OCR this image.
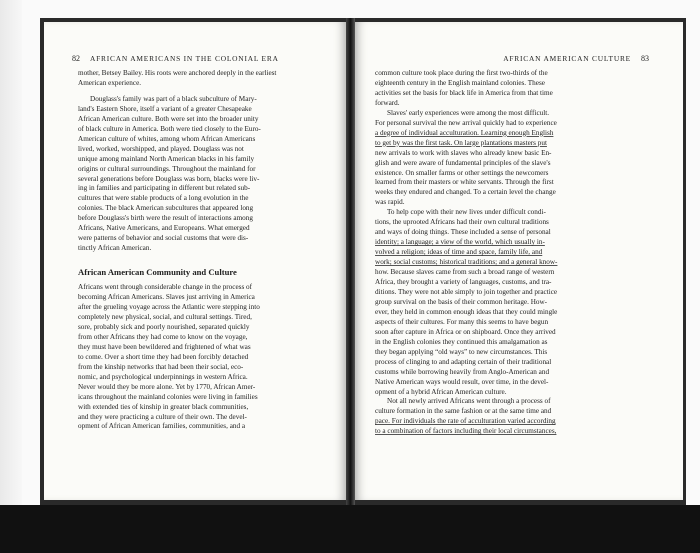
82 AFRICAN AMERICANS IN THE COLONIAL ERA
mother, Betsey Bailey. His roots were anchored deeply in the earliest
American experience.
Douglass's family was part of a black subculture of Mary-
land's Eastern Shore, itself a variant of a greater Chesapeake
African American culture. Both were set into the broader unity
of black culture in America. Both were tied closely to the Euro-
American culture of whites, among whom African Americans
lived, worked, worshipped, and played. Douglass was not
unique among mainland North American blacks in his family
origins or cultural surroundings. Throughout the mainland for
several generations before Douglass was born, blacks were liv-
ing in families and participating in different but related sub-
cultures that were stable products of a long evolution in the
colonies. The black American subcultures that appeared long
before Douglass's birth were the result of interactions among
Africans, Native Americans, and Europeans. What emerged
were patterns of behavior and social customs that were dis-
tinctly African American.
African American Community and Culture
Africans went through considerable change in the process of
becoming African Americans. Slaves just arriving in America
after the grueling voyage across the Atlantic were stepping into
completely new physical, social, and cultural settings. Tired,
sore, probably sick and poorly nourished, separated quickly
from other Africans they had come to know on the voyage,
they must have been bewildered and frightened of what was
to come. Over a short time they had been forcibly detached
from the kinship networks that had been their social, eco-
nomic, and psychological underpinnings in western Africa.
Never would they be more alone. Yet by 1770, African Amer-
icans throughout the mainland colonies were living in families
with extended ties of kinship in greater black communities,
and they were practicing a culture of their own. The devel-
opment of African American families, communities, and a
AFRICAN AMERICAN CULTURE 83
common culture took place during the first two-thirds of the
eighteenth century in the English mainland colonies. These
activities set the basis for black life in America from that time
forward.
Slaves' early experiences were among the most difficult.
For personal survival the new arrival quickly had to experience
a degree of individual acculturation. Learning enough English
to get by was the first task. On large plantations masters put
new arrivals to work with slaves who already knew basic En-
glish and were aware of fundamental principles of the slave's
existence. On smaller farms or other settings the newcomers
learned from their masters or white servants. Through the first
weeks they endured and changed. To a certain level the change
was rapid.
To help cope with their new lives under difficult condi-
tions, the uprooted Africans had their own cultural traditions
and ways of doing things. These included a sense of personal
identity; a language; a view of the world, which usually in-
volved a religion; ideas of time and space, family life, and
work; social customs; historical traditions; and a general know-
how. Because slaves came from such a broad range of western
Africa, they brought a variety of languages, customs, and tra-
ditions. They were not able simply to join together and practice
group survival on the basis of their common heritage. How-
ever, they held in common enough ideas that they could mingle
aspects of their cultures. For many this seems to have begun
soon after capture in Africa or on shipboard. Once they arrived
in the English colonies they continued this amalgamation as
they began applying “old ways” to new circumstances. This
process of clinging to and adapting certain of their traditional
customs while borrowing heavily from Anglo-American and
Native American ways would result, over time, in the devel-
opment of a hybrid African American culture.
Not all newly arrived Africans went through a process of
culture formation in the same fashion or at the same time and
pace. For individuals the rate of acculturation varied according
to a combination of factors including their local circumstances,
